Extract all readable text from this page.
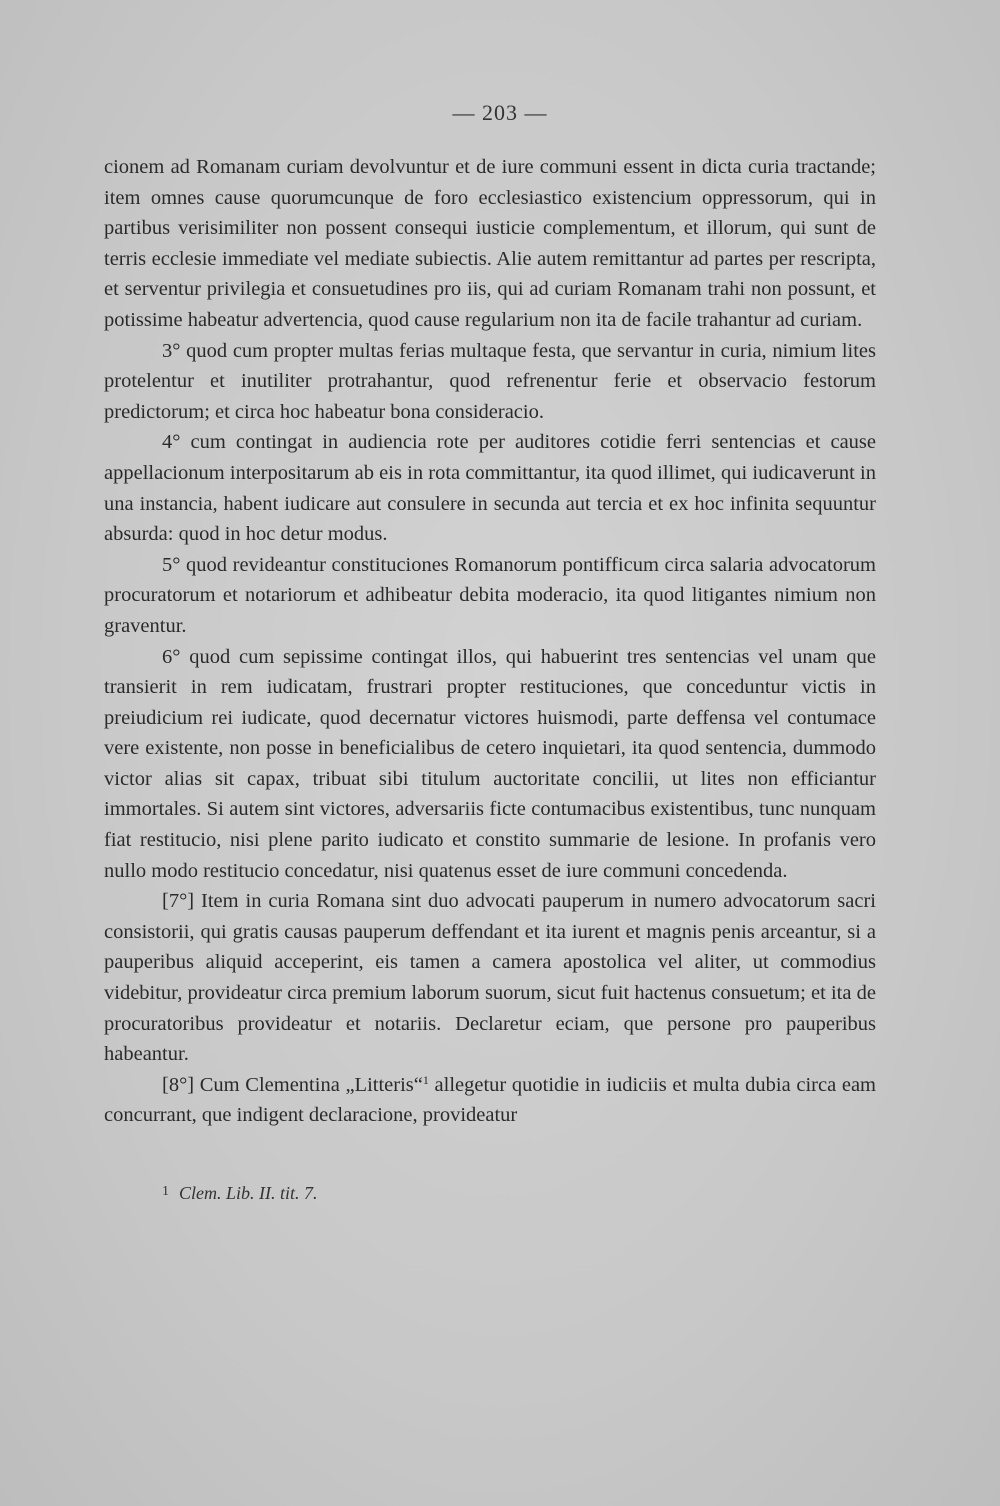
— 203 —

cionem ad Romanam curiam devolvuntur et de iure communi essent in dicta curia tractande; item omnes cause quorumcunque de foro ecclesiastico existencium oppressorum, qui in partibus verisimiliter non possent consequi iusticie complementum, et illorum, qui sunt de terris ecclesie immediate vel mediate subiectis. Alie autem remittantur ad partes per rescripta, et serventur privilegia et consuetudines pro iis, qui ad curiam Romanam trahi non possunt, et potissime habeatur advertencia, quod cause regularium non ita de facile trahantur ad curiam.

3° quod cum propter multas ferias multaque festa, que servantur in curia, nimium lites protelentur et inutiliter protrahantur, quod refrenentur ferie et observacio festorum predictorum; et circa hoc habeatur bona consideracio.

4° cum contingat in audiencia rote per auditores cotidie ferri sentencias et cause appellacionum interpositarum ab eis in rota committantur, ita quod illimet, qui iudicaverunt in una instancia, habent iudicare aut consulere in secunda aut tercia et ex hoc infinita sequuntur absurda: quod in hoc detur modus.

5° quod revideantur constituciones Romanorum pontifficum circa salaria advocatorum procuratorum et notariorum et adhibeatur debita moderacio, ita quod litigantes nimium non graventur.

6° quod cum sepissime contingat illos, qui habuerint tres sentencias vel unam que transierit in rem iudicatam, frustrari propter restituciones, que conceduntur victis in preiudicium rei iudicate, quod decernatur victores huismodi, parte deffensa vel contumace vere existente, non posse in beneficialibus de cetero inquietari, ita quod sentencia, dummodo victor alias sit capax, tribuat sibi titulum auctoritate concilii, ut lites non efficiantur immortales. Si autem sint victores, adversariis ficte contumacibus existentibus, tunc nunquam fiat restitucio, nisi plene parito iudicato et constito summarie de lesione. In profanis vero nullo modo restitucio concedatur, nisi quatenus esset de iure communi concedenda.

[7°] Item in curia Romana sint duo advocati pauperum in numero advocatorum sacri consistorii, qui gratis causas pauperum deffendant et ita iurent et magnis penis arceantur, si a pauperibus aliquid acceperint, eis tamen a camera apostolica vel aliter, ut commodius videbitur, provideatur circa premium laborum suorum, sicut fuit hactenus consuetum; et ita de procuratoribus provideatur et notariis. Declaretur eciam, que persone pro pauperibus habeantur.

[8°] Cum Clementina „Litteris“$^1$ allegetur quotidie in iudiciis et multa dubia circa eam concurrant, que indigent declaracione, provideatur

$^1$ Clem. Lib. II. tit. 7.
